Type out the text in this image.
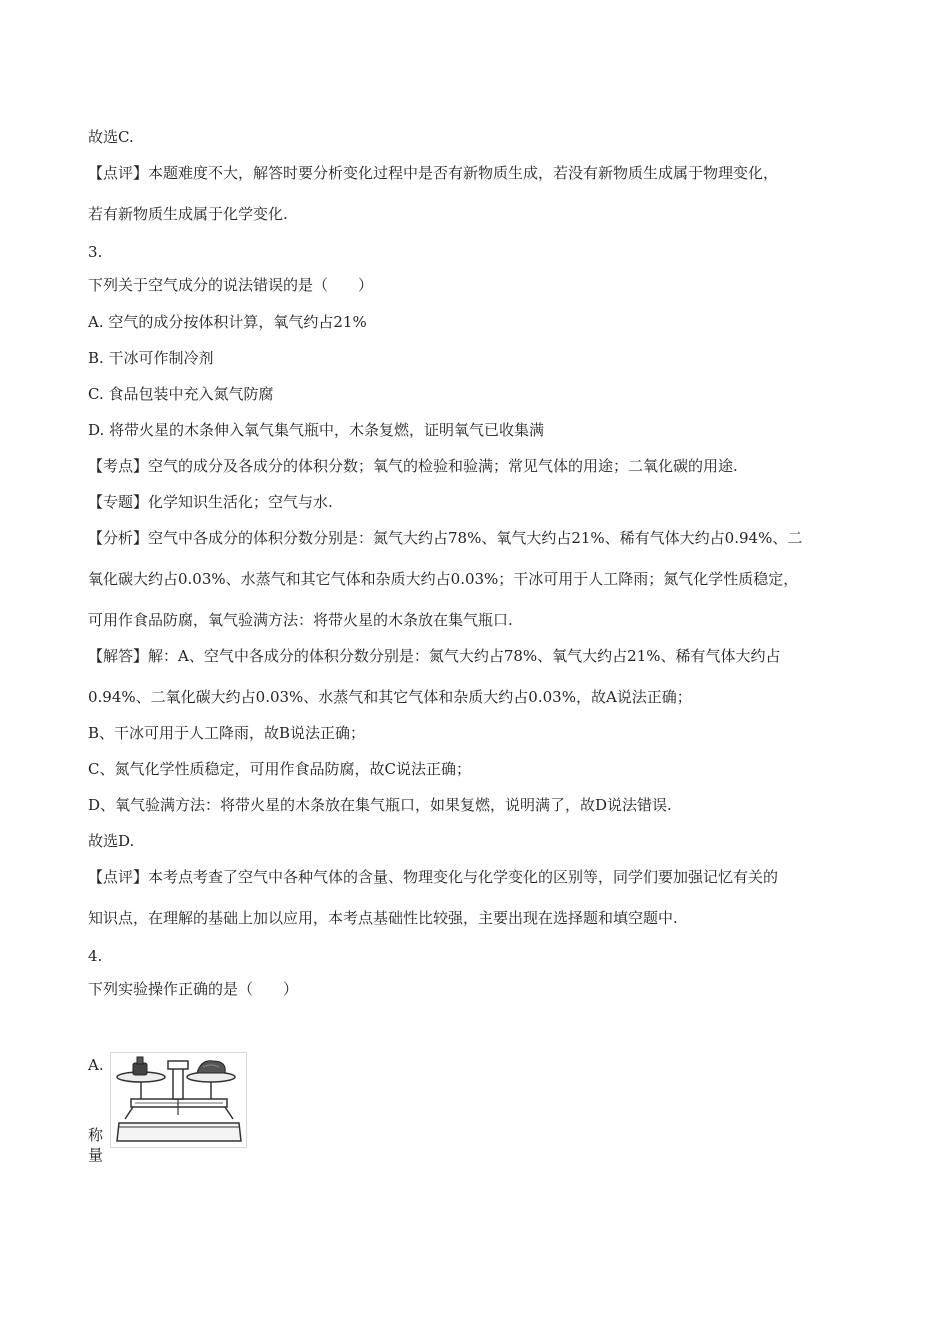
故选C.
【点评】本题难度不大，解答时要分析变化过程中是否有新物质生成，若没有新物质生成属于物理变化，
若有新物质生成属于化学变化.
3.
下列关于空气成分的说法错误的是（　　）
A. 空气的成分按体积计算，氧气约占21%
B. 干冰可作制冷剂
C. 食品包装中充入氮气防腐
D. 将带火星的木条伸入氧气集气瓶中，木条复燃，证明氧气已收集满
【考点】空气的成分及各成分的体积分数；氧气的检验和验满；常见气体的用途；二氧化碳的用途.
【专题】化学知识生活化；空气与水.
【分析】空气中各成分的体积分数分别是：氮气大约占78%、氧气大约占21%、稀有气体大约占0.94%、二
氧化碳大约占0.03%、水蒸气和其它气体和杂质大约占0.03%；干冰可用于人工降雨；氮气化学性质稳定，
可用作食品防腐，氧气验满方法：将带火星的木条放在集气瓶口.
【解答】解：A、空气中各成分的体积分数分别是：氮气大约占78%、氧气大约占21%、稀有气体大约占
0.94%、二氧化碳大约占0.03%、水蒸气和其它气体和杂质大约占0.03%，故A说法正确；
B、干冰可用于人工降雨，故B说法正确；
C、氮气化学性质稳定，可用作食品防腐，故C说法正确；
D、氧气验满方法：将带火星的木条放在集气瓶口，如果复燃，说明满了，故D说法错误.
故选D.
【点评】本考点考查了空气中各种气体的含量、物理变化与化学变化的区别等，同学们要加强记忆有关的
知识点，在理解的基础上加以应用，本考点基础性比较强，主要出现在选择题和填空题中.
4.
下列实验操作正确的是（　　）
A.
称量
